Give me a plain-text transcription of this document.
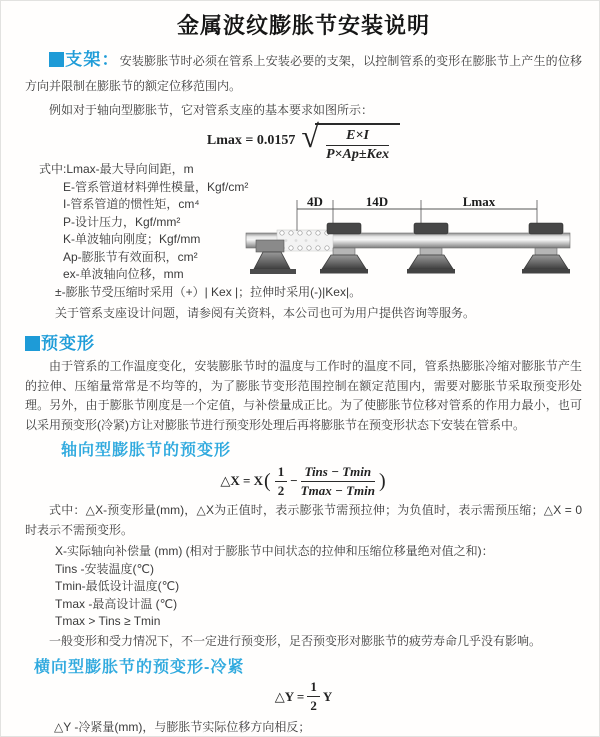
金属波纹膨胀节安装说明

支架：安装膨胀节时必须在管系上安装必要的支架，以控制管系的变形在膨胀节上产生的位移方向并限制在膨胀节的额定位移范围内。

例如对于轴向型膨胀节，它对管系支座的基本要求如图所示：

Lmax = 0.0157 √ $\frac{E\times I}{\text{P×Ap±Kex}}$
式中:Lmax-最大导向间距，m
E-管系管道材料弹性模量，Kgf/cm²
I-管系管道的惯性矩，cm⁴
P-设计压力，Kgf/mm²
K-单波轴向刚度；Kgf/mm
Ap-膨胀节有效面积，cm²
ex-单波轴向位移，mm
±-膨胀节受压缩时采用（+）| Kex |；拉伸时采用(-)|Kex|。

关于管系支座设计问题，请参阅有关资料，本公司也可为用户提供咨询等服务。

4D	14D	Lmax

预变形

由于管系的工作温度变化，安装膨胀节时的温度与工作时的温度不同，管系热膨胀冷缩对膨胀节产生的拉伸、压缩量常常是不均等的，为了膨胀节变形范围控制在额定范围内，需要对膨胀节采取预变形处理。另外，由于膨胀节刚度是一个定值，与补偿量成正比。为了使膨胀节位移对管系的作用力最小，也可以采用预变形(冷紧)方让对膨胀节进行预变形处理后再将膨胀节在预变形状态下安装在管系中。

轴向型膨胀节的预变形
△X = X ( $\frac{1}{2} - \frac{\text{Tins − Tmin}}{Tmax - Tmin}$ )

式中：△X-预变形量(mm)，△X为正值时，表示膨张节需预拉伸；为负值时，表示需预压缩；△X = 0时表示不需预变形。

X-实际轴向补偿量 (mm) (相对于膨胀节中间状态的拉伸和压缩位移量绝对值之和)：
Tins -安装温度(℃)
Tmin-最低设计温度(℃)
Tmax -最高设计温 (℃)
Tmax > Tins ≥ Tmin

一般变形和受力情况下，不一定进行预变形，足否预变形对膨胀节的疲劳寿命几乎没有影响。

横向型膨胀节的预变形-冷紧
△Y = $\frac{1}{2}$ Y

△Y -冷紧量(mm)，与膨胀节实际位移方向相反；
